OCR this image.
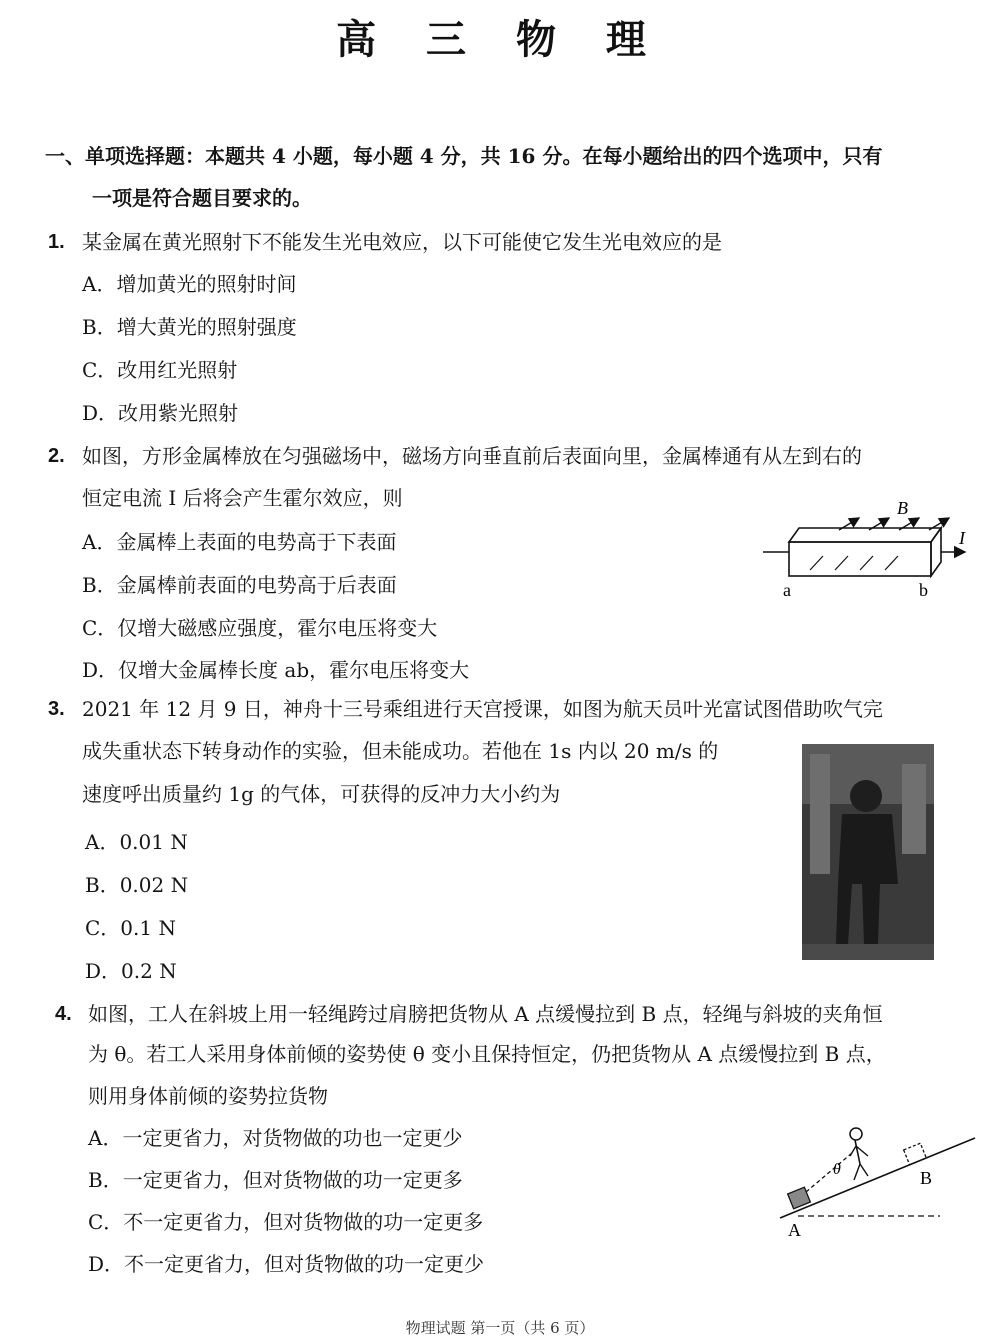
高 三 物 理
一、单项选择题：本题共 4 小题，每小题 4 分，共 16 分。在每小题给出的四个选项中，只有
一项是符合题目要求的。
1. 某金属在黄光照射下不能发生光电效应，以下可能使它发生光电效应的是
A．增加黄光的照射时间
B．增大黄光的照射强度
C．改用红光照射
D．改用紫光照射
2. 如图，方形金属棒放在匀强磁场中，磁场方向垂直前后表面向里，金属棒通有从左到右的
恒定电流 I 后将会产生霍尔效应，则
A．金属棒上表面的电势高于下表面
B．金属棒前表面的电势高于后表面
C．仅增大磁感应强度，霍尔电压将变大
D．仅增大金属棒长度 ab，霍尔电压将变大
B
I
a	b
3. 2021 年 12 月 9 日，神舟十三号乘组进行天宫授课，如图为航天员叶光富试图借助吹气完
成失重状态下转身动作的实验，但未能成功。若他在 1s 内以 20 m/s 的
速度呼出质量约 1g 的气体，可获得的反冲力大小约为
A．0.01 N
B．0.02 N
C．0.1 N
D．0.2 N
4. 如图，工人在斜坡上用一轻绳跨过肩膀把货物从 A 点缓慢拉到 B 点，轻绳与斜坡的夹角恒
为 θ。若工人采用身体前倾的姿势使 θ 变小且保持恒定，仍把货物从 A 点缓慢拉到 B 点，
则用身体前倾的姿势拉货物
A．一定更省力，对货物做的功也一定更少
B．一定更省力，但对货物做的功一定更多
C．不一定更省力，但对货物做的功一定更多
D．不一定更省力，但对货物做的功一定更少
θ
A
B
物理试题 第一页（共 6 页）
